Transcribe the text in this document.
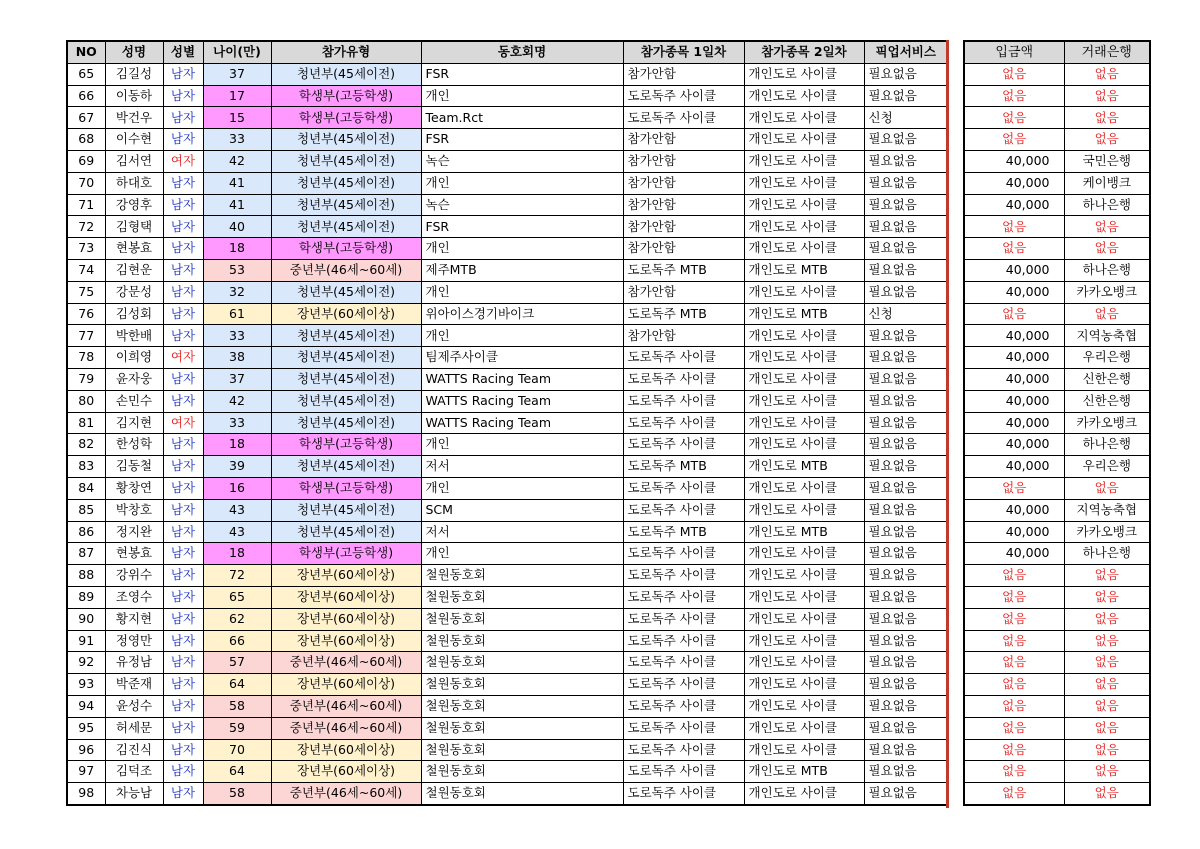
NO	성명	성별	나이(만)	참가유형	동호회명	참가종목 1일차	참가종목 2일차	픽업서비스
65	김길성	남자	37	청년부(45세이전)	FSR	참가안함	개인도로 사이클	필요없음
66	이동하	남자	17	학생부(고등학생)	개인	도로독주 사이클	개인도로 사이클	필요없음
67	박건우	남자	15	학생부(고등학생)	Team.Rct	도로독주 사이클	개인도로 사이클	신청
68	이수현	남자	33	청년부(45세이전)	FSR	참가안함	개인도로 사이클	필요없음
69	김서연	여자	42	청년부(45세이전)	녹슨	참가안함	개인도로 사이클	필요없음
70	하대호	남자	41	청년부(45세이전)	개인	참가안함	개인도로 사이클	필요없음
71	강영후	남자	41	청년부(45세이전)	녹슨	참가안함	개인도로 사이클	필요없음
72	김형택	남자	40	청년부(45세이전)	FSR	참가안함	개인도로 사이클	필요없음
73	현봉효	남자	18	학생부(고등학생)	개인	참가안함	개인도로 사이클	필요없음
74	김현운	남자	53	중년부(46세~60세)	제주MTB	도로독주 MTB	개인도로 MTB	필요없음
75	강문성	남자	32	청년부(45세이전)	개인	참가안함	개인도로 사이클	필요없음
76	김성회	남자	61	장년부(60세이상)	위아이스경기바이크	도로독주 MTB	개인도로 MTB	신청
77	박한배	남자	33	청년부(45세이전)	개인	참가안함	개인도로 사이클	필요없음
78	이희영	여자	38	청년부(45세이전)	팀제주사이클	도로독주 사이클	개인도로 사이클	필요없음
79	윤자웅	남자	37	청년부(45세이전)	WATTS Racing Team	도로독주 사이클	개인도로 사이클	필요없음
80	손민수	남자	42	청년부(45세이전)	WATTS Racing Team	도로독주 사이클	개인도로 사이클	필요없음
81	김지현	여자	33	청년부(45세이전)	WATTS Racing Team	도로독주 사이클	개인도로 사이클	필요없음
82	한성학	남자	18	학생부(고등학생)	개인	도로독주 사이클	개인도로 사이클	필요없음
83	김동철	남자	39	청년부(45세이전)	저서	도로독주 MTB	개인도로 MTB	필요없음
84	황창연	남자	16	학생부(고등학생)	개인	도로독주 사이클	개인도로 사이클	필요없음
85	박창호	남자	43	청년부(45세이전)	SCM	도로독주 사이클	개인도로 사이클	필요없음
86	정지완	남자	43	청년부(45세이전)	저서	도로독주 MTB	개인도로 MTB	필요없음
87	현봉효	남자	18	학생부(고등학생)	개인	도로독주 사이클	개인도로 사이클	필요없음
88	강위수	남자	72	장년부(60세이상)	철원동호회	도로독주 사이클	개인도로 사이클	필요없음
89	조영수	남자	65	장년부(60세이상)	철원동호회	도로독주 사이클	개인도로 사이클	필요없음
90	황지현	남자	62	장년부(60세이상)	철원동호회	도로독주 사이클	개인도로 사이클	필요없음
91	정영만	남자	66	장년부(60세이상)	철원동호회	도로독주 사이클	개인도로 사이클	필요없음
92	유정남	남자	57	중년부(46세~60세)	철원동호회	도로독주 사이클	개인도로 사이클	필요없음
93	박준재	남자	64	장년부(60세이상)	철원동호회	도로독주 사이클	개인도로 사이클	필요없음
94	윤성수	남자	58	중년부(46세~60세)	철원동호회	도로독주 사이클	개인도로 사이클	필요없음
95	허세문	남자	59	중년부(46세~60세)	철원동호회	도로독주 사이클	개인도로 사이클	필요없음
96	김진식	남자	70	장년부(60세이상)	철원동호회	도로독주 사이클	개인도로 사이클	필요없음
97	김덕조	남자	64	장년부(60세이상)	철원동호회	도로독주 사이클	개인도로 MTB	필요없음
98	차능남	남자	58	중년부(46세~60세)	철원동호회	도로독주 사이클	개인도로 사이클	필요없음
입금액	거래은행
없음	없음
없음	없음
없음	없음
없음	없음
40,000	국민은행
40,000	케이뱅크
40,000	하나은행
없음	없음
없음	없음
40,000	하나은행
40,000	카카오뱅크
없음	없음
40,000	지역농축협
40,000	우리은행
40,000	신한은행
40,000	신한은행
40,000	카카오뱅크
40,000	하나은행
40,000	우리은행
없음	없음
40,000	지역농축협
40,000	카카오뱅크
40,000	하나은행
없음	없음
없음	없음
없음	없음
없음	없음
없음	없음
없음	없음
없음	없음
없음	없음
없음	없음
없음	없음
없음	없음
